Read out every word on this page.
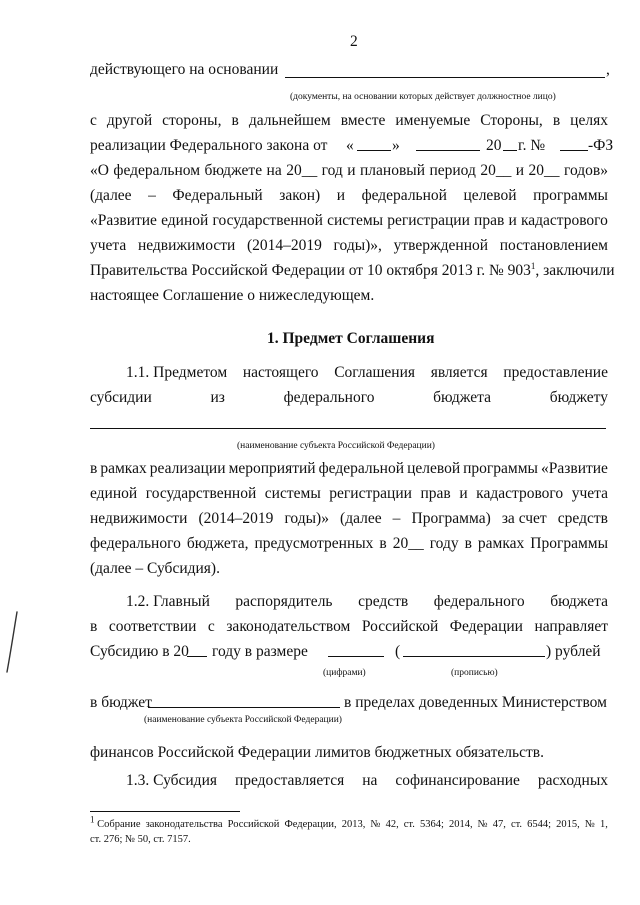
2
действующего на основании	,
(документы, на основании которых действует должностное лицо)
с другой стороны, в дальнейшем вместе именуемые Стороны, в целях
реализации Федерального закона от « »	20 г. №	-ФЗ
«О федеральном бюджете на 20__ год и плановый период 20__ и 20__ годов»
(далее – Федеральный закон) и федеральной целевой программы
«Развитие единой государственной системы регистрации прав и кадастрового
учета недвижимости (2014–2019 годы)», утвержденной постановлением
Правительства Российской Федерации от 10 октября 2013 г. № $903^1$, заключили
настоящее Соглашение о нижеследующем.
1. Предмет Соглашения
1.1. Предметом настоящего Соглашения является предоставление
субсидии	из	федерального	бюджета	бюджету
(наименование субъекта Российской Федерации)
в рамках реализации мероприятий федеральной целевой программы «Развитие
единой государственной системы регистрации прав и кадастрового учета
недвижимости (2014–2019 годы)» (далее – Программа) за счет средств
федерального бюджета, предусмотренных в 20__ году в рамках Программы
(далее – Субсидия).
1.2. Главный распорядитель средств федерального бюджета
в соответствии с законодательством Российской Федерации направляет
Субсидию в 20 году в размере	(	) рублей
(цифрами)	(прописью)
в бюджет	в пределах доведенных Министерством
(наименование субъекта Российской Федерации)
финансов Российской Федерации лимитов бюджетных обязательств.
1.3. Субсидия предоставляется на софинансирование расходных
$^1$ Собрание законодательства Российской Федерации, 2013, № 42, ст. 5364; 2014, № 47, ст. 6544; 2015, № 1,
ст. 276; № 50, ст. 7157.
